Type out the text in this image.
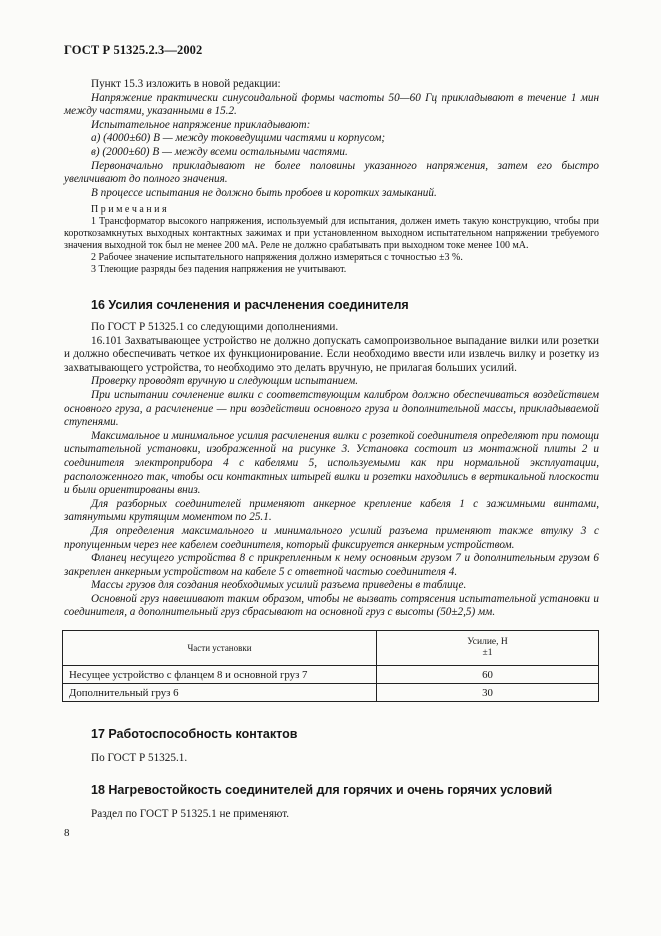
ГОСТ Р 51325.2.3—2002

Пункт 15.3 изложить в новой редакции:

Напряжение практически синусоидальной формы частоты 50—60 Гц прикладывают в течение 1 мин между частями, указанными в 15.2.

Испытательное напряжение прикладывают:

а) (4000±60) В — между токоведущими частями и корпусом;

в) (2000±60) В — между всеми остальными частями.

Первоначально прикладывают не более половины указанного напряжения, затем его быстро увеличивают до полного значения.

В процессе испытания не должно быть пробоев и коротких замыканий.

П р и м е ч а н и я

1 Трансформатор высокого напряжения, используемый для испытания, должен иметь такую конструкцию, чтобы при короткозамкнутых выходных контактных зажимах и при установленном выходном испытательном напряжении требуемого значения выходной ток был не менее 200 мА. Реле не должно срабатывать при выходном токе менее 100 мА.

2 Рабочее значение испытательного напряжения должно измеряться с точностью ±3 %.

3 Тлеющие разряды без падения напряжения не учитывают.

16 Усилия сочленения и расчленения соединителя

По ГОСТ Р 51325.1 со следующими дополнениями.

16.101 Захватывающее устройство не должно допускать самопроизвольное выпадание вилки или розетки и должно обеспечивать четкое их функционирование. Если необходимо ввести или извлечь вилку и розетку из захватывающего устройства, то необходимо это делать вручную, не прилагая больших усилий.

Проверку проводят вручную и следующим испытанием.

При испытании сочленение вилки с соответствующим калибром должно обеспечиваться воздействием основного груза, а расчленение — при воздействии основного груза и дополнительной массы, прикладываемой ступенями.

Максимальное и минимальное усилия расчленения вилки с розеткой соединителя определяют при помощи испытательной установки, изображенной на рисунке 3. Установка состоит из монтажной плиты 2 и соединителя электроприбора 4 с кабелями 5, используемыми как при нормальной эксплуатации, расположенного так, чтобы оси контактных штырей вилки и розетки находились в вертикальной плоскости и были ориентированы вниз.

Для разборных соединителей применяют анкерное крепление кабеля 1 с зажимными винтами, затянутыми крутящим моментом по 25.1.

Для определения максимального и минимального усилий разъема применяют также втулку 3 с пропущенным через нее кабелем соединителя, который фиксируется анкерным устройством.

Фланец несущего устройства 8 с прикрепленным к нему основным грузом 7 и дополнительным грузом 6 закреплен анкерным устройством на кабеле 5 с ответной частью соединителя 4.

Массы грузов для создания необходимых усилий разъема приведены в таблице.

Основной груз навешивают таким образом, чтобы не вызвать сотрясения испытательной установки и соединителя, а дополнительный груз сбрасывают на основной груз с высоты (50±2,5) мм.

Части установки	Усилие, Н
±1

Несущее устройство с фланцем 8 и основной груз 7	60
Дополнительный груз 6	30
17 Работоспособность контактов
По ГОСТ Р 51325.1.
18 Нагревостойкость соединителей для горячих и очень горячих условий
Раздел по ГОСТ Р 51325.1 не применяют.
8
